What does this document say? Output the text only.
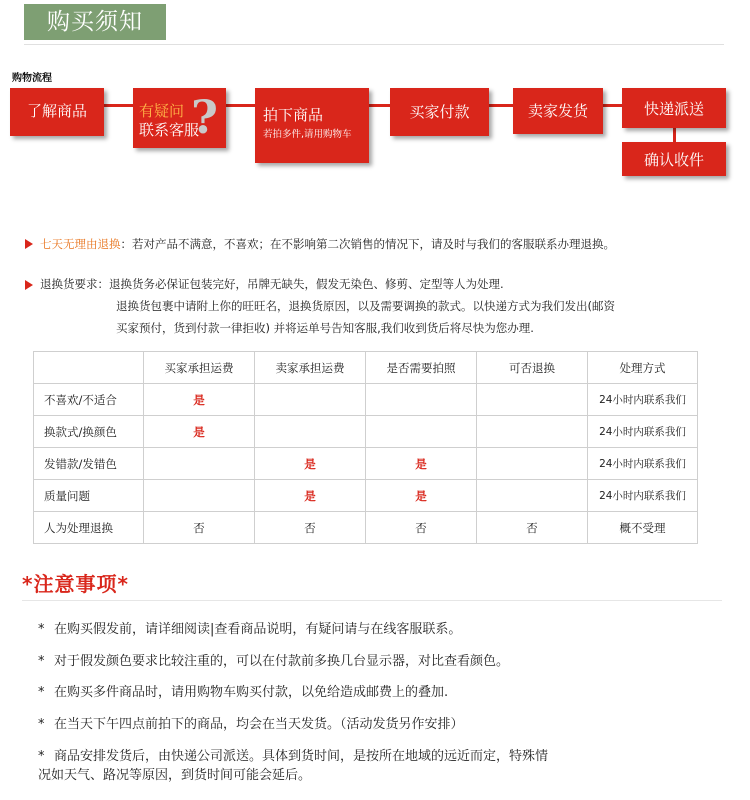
购买须知
购物流程
了解商品	有疑问
联系客服
?	拍下商品
若拍多件,请用购物车
买家付款	卖家发货	快递派送
确认收件
七天无理由退换：若对产品不满意，不喜欢；在不影响第二次销售的情况下，请及时与我们的客服联系办理退换。
退换货要求：退换货务必保证包装完好，吊牌无缺失，假发无染色、修剪、定型等人为处理.
退换货包裹中请附上你的旺旺名，退换货原因，以及需要调换的款式。以快递方式为我们发出(邮资
买家预付，货到付款一律拒收) 并将运单号告知客服,我们收到货后将尽快为您办理.
	买家承担运费	卖家承担运费	是否需要拍照	可否退换	处理方式
不喜欢/不适合	是				24小时内联系我们
换款式/换颜色	是				24小时内联系我们
发错款/发错色		是	是		24小时内联系我们
质量问题		是	是		24小时内联系我们
人为处理退换	否	否	否	否	概不受理
*注意事项*
* 在购买假发前，请详细阅读|查看商品说明，有疑问请与在线客服联系。
* 对于假发颜色要求比较注重的，可以在付款前多换几台显示器，对比查看颜色。
* 在购买多件商品时，请用购物车购买付款，以免给造成邮费上的叠加.
* 在当天下午四点前拍下的商品，均会在当天发货。（活动发货另作安排）
* 商品安排发货后，由快递公司派送。具体到货时间，是按所在地域的远近而定，特殊情
况如天气、路况等原因，到货时间可能会延后。
